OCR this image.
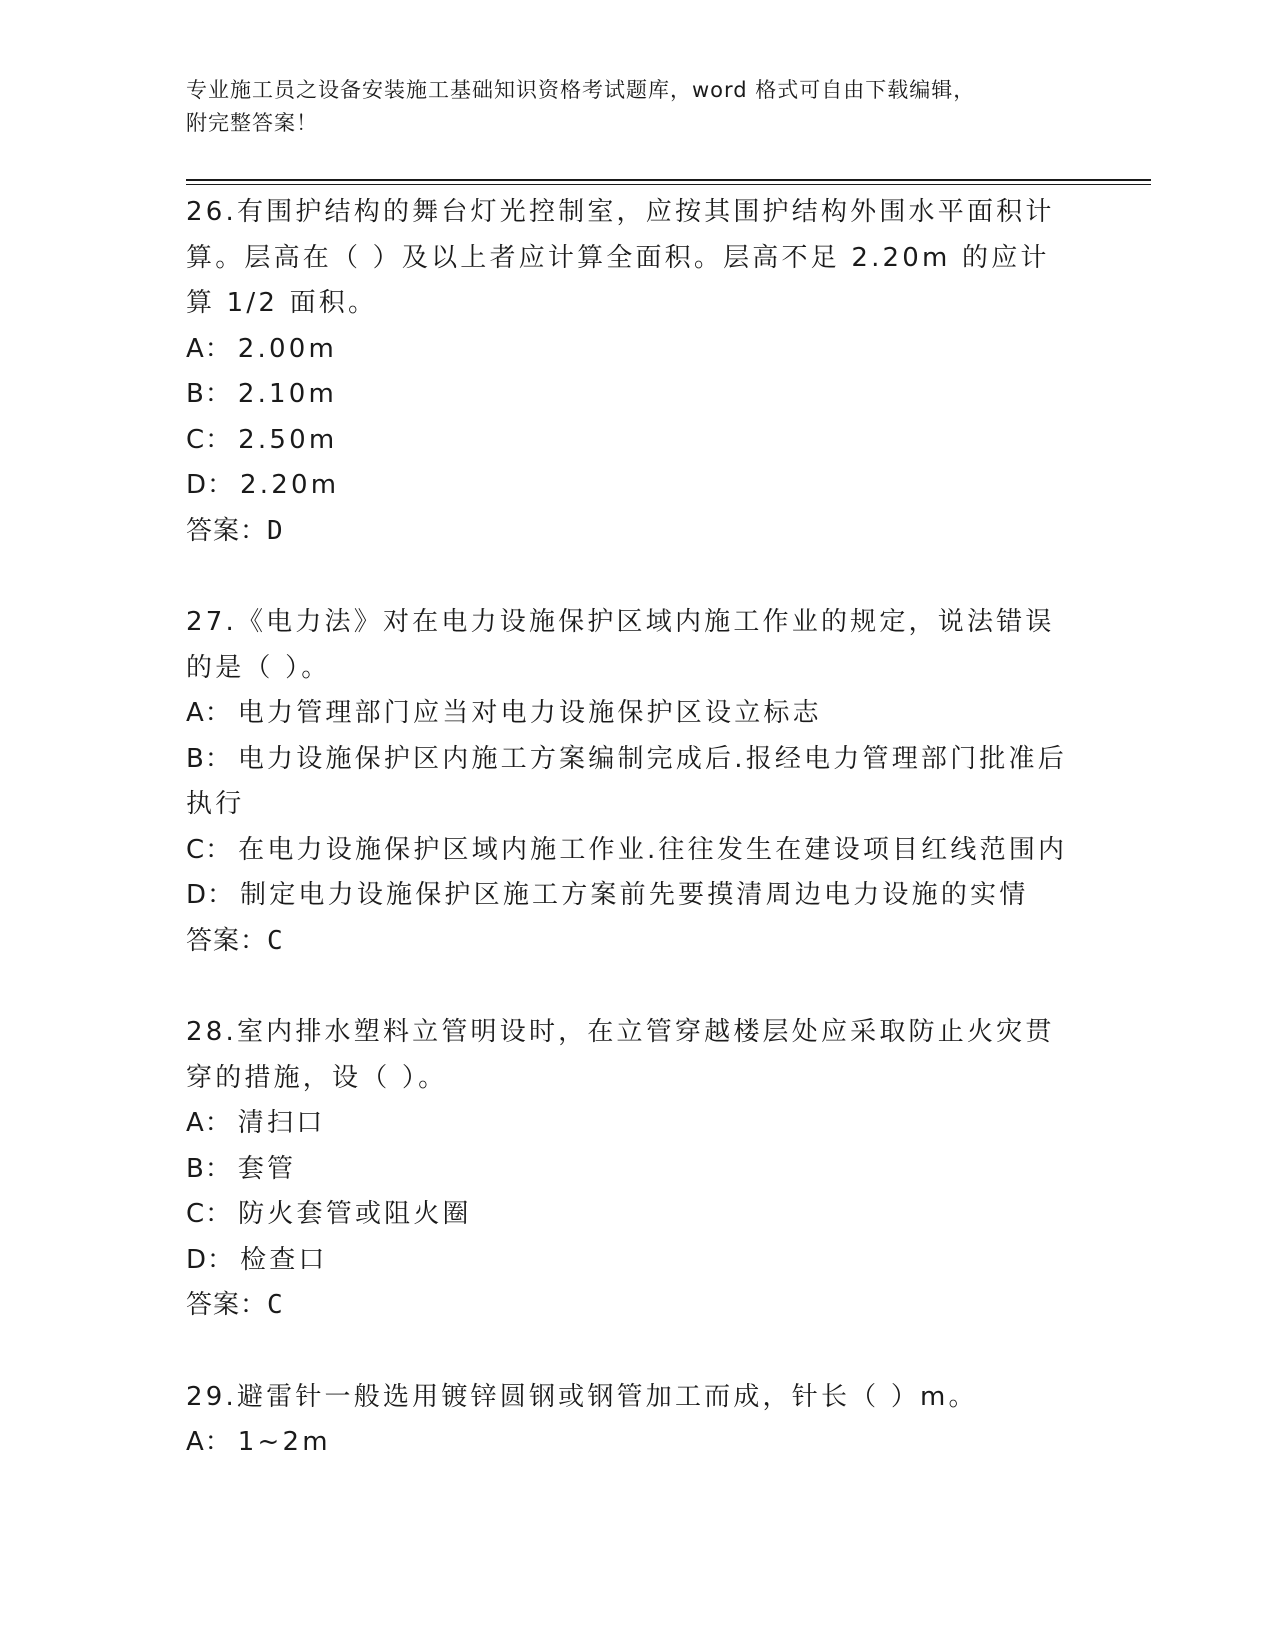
专业施工员之设备安装施工基础知识资格考试题库，word 格式可自由下载编辑，
附完整答案！
26.有围护结构的舞台灯光控制室，应按其围护结构外围水平面积计算。层高在（ ）及以上者应计算全面积。层高不足 2.20m 的应计算 1/2 面积。
A： 2.00m
B： 2.10m
C： 2.50m
D： 2.20m
答案：D
27.《电力法》对在电力设施保护区域内施工作业的规定，说法错误的是（ ）。
A： 电力管理部门应当对电力设施保护区设立标志
B： 电力设施保护区内施工方案编制完成后.报经电力管理部门批准后执行
C： 在电力设施保护区域内施工作业.往往发生在建设项目红线范围内
D： 制定电力设施保护区施工方案前先要摸清周边电力设施的实情
答案：C
28.室内排水塑料立管明设时，在立管穿越楼层处应采取防止火灾贯穿的措施，设（ ）。
A： 清扫口
B： 套管
C： 防火套管或阻火圈
D： 检查口
答案：C
29.避雷针一般选用镀锌圆钢或钢管加工而成，针长（ ）m。
A： 1~2m
